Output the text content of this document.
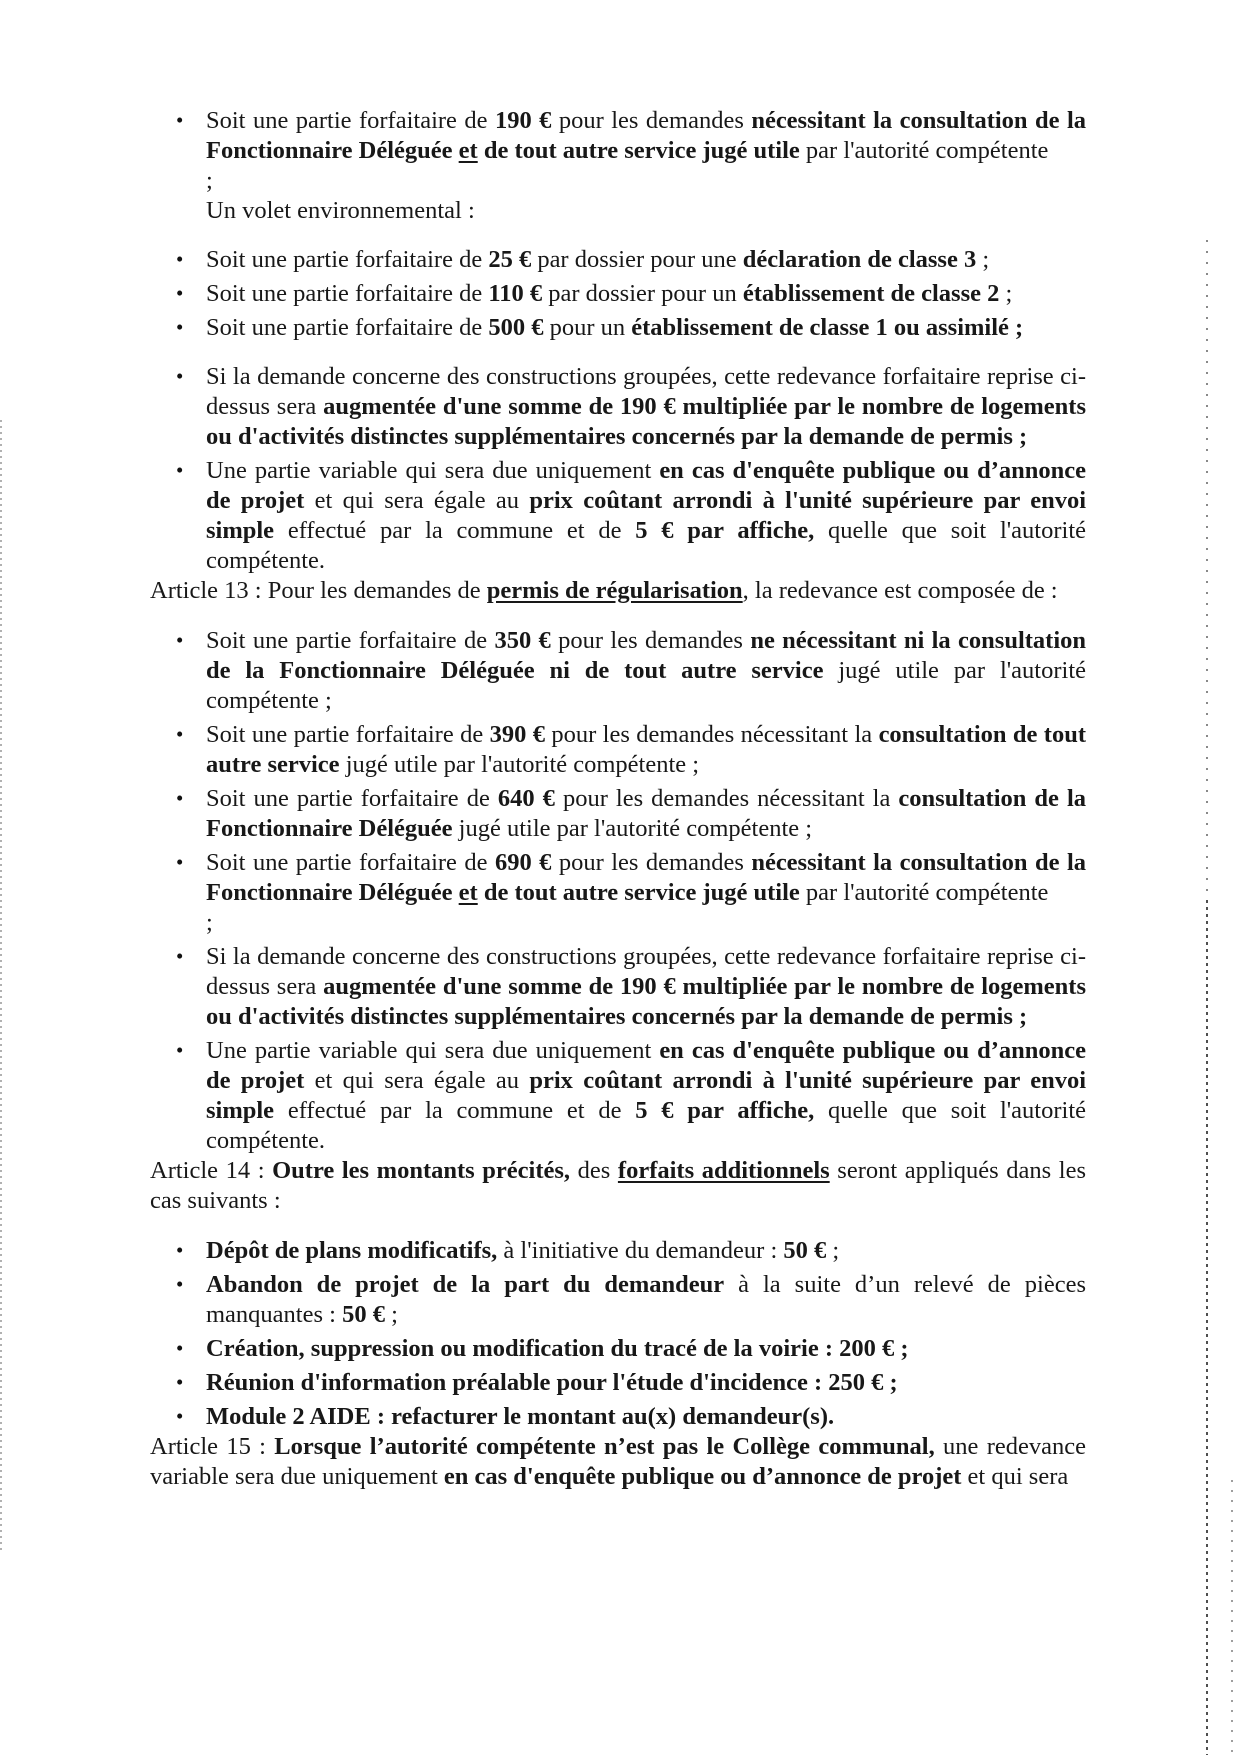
• Soit une partie forfaitaire de 190 € pour les demandes nécessitant la consultation de la Fonctionnaire Déléguée et de tout autre service jugé utile par l'autorité compétente
;
Un volet environnemental :
• Soit une partie forfaitaire de 25 € par dossier pour une déclaration de classe 3 ;
• Soit une partie forfaitaire de 110 € par dossier pour un établissement de classe 2 ;
• Soit une partie forfaitaire de 500 € pour un établissement de classe 1 ou assimilé ;
• Si la demande concerne des constructions groupées, cette redevance forfaitaire reprise ci-dessus sera augmentée d'une somme de 190 € multipliée par le nombre de logements ou d'activités distinctes supplémentaires concernés par la demande de permis ;
• Une partie variable qui sera due uniquement en cas d'enquête publique ou d’annonce de projet et qui sera égale au prix coûtant arrondi à l'unité supérieure par envoi simple effectué par la commune et de 5 € par affiche, quelle que soit l'autorité compétente.
Article 13 : Pour les demandes de permis de régularisation, la redevance est composée de :
• Soit une partie forfaitaire de 350 € pour les demandes ne nécessitant ni la consultation de la Fonctionnaire Déléguée ni de tout autre service jugé utile par l'autorité compétente ;
• Soit une partie forfaitaire de 390 € pour les demandes nécessitant la consultation de tout autre service jugé utile par l'autorité compétente ;
• Soit une partie forfaitaire de 640 € pour les demandes nécessitant la consultation de la Fonctionnaire Déléguée jugé utile par l'autorité compétente ;
• Soit une partie forfaitaire de 690 € pour les demandes nécessitant la consultation de la Fonctionnaire Déléguée et de tout autre service jugé utile par l'autorité compétente
;
• Si la demande concerne des constructions groupées, cette redevance forfaitaire reprise ci-dessus sera augmentée d'une somme de 190 € multipliée par le nombre de logements ou d'activités distinctes supplémentaires concernés par la demande de permis ;
• Une partie variable qui sera due uniquement en cas d'enquête publique ou d’annonce de projet et qui sera égale au prix coûtant arrondi à l'unité supérieure par envoi simple effectué par la commune et de 5 € par affiche, quelle que soit l'autorité compétente.
Article 14 : Outre les montants précités, des forfaits additionnels seront appliqués dans les cas suivants :
• Dépôt de plans modificatifs, à l'initiative du demandeur : 50 € ;
• Abandon de projet de la part du demandeur à la suite d’un relevé de pièces manquantes : 50 € ;
• Création, suppression ou modification du tracé de la voirie : 200 € ;
• Réunion d'information préalable pour l'étude d'incidence : 250 € ;
• Module 2 AIDE : refacturer le montant au(x) demandeur(s).
Article 15 : Lorsque l’autorité compétente n’est pas le Collège communal, une redevance variable sera due uniquement en cas d'enquête publique ou d’annonce de projet et qui sera
